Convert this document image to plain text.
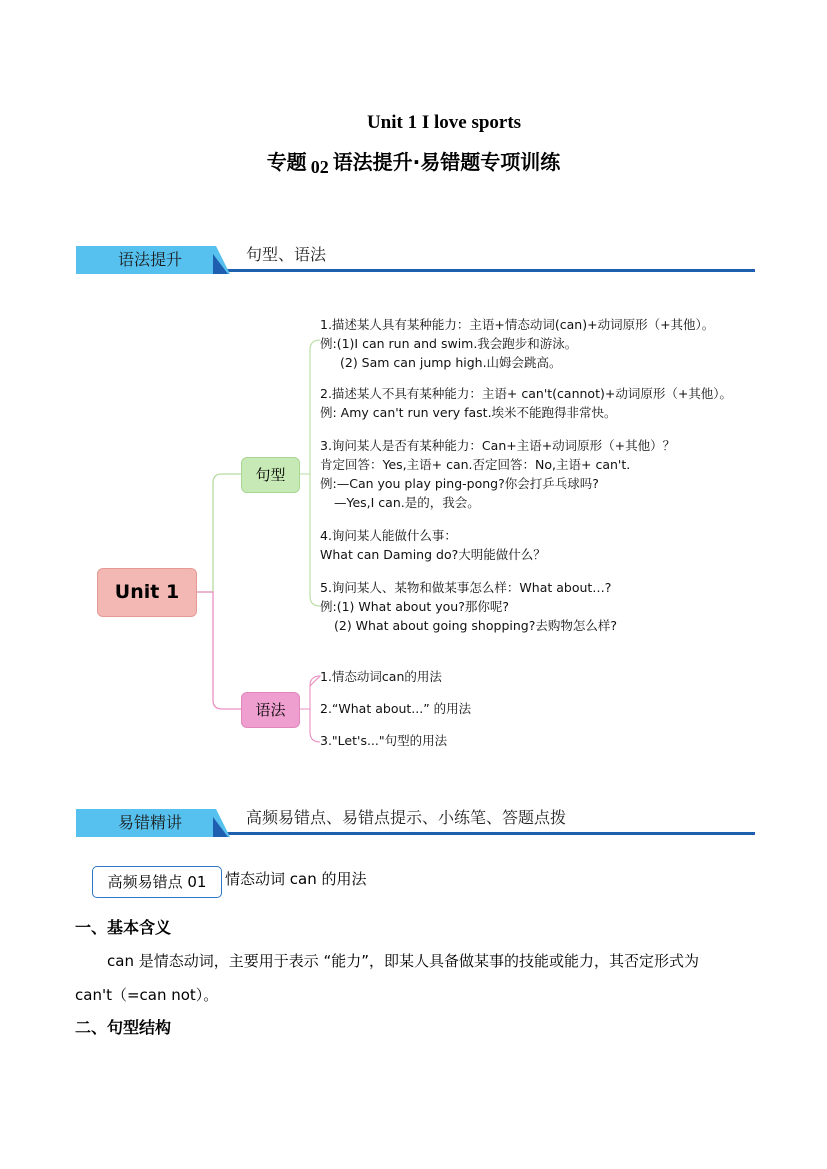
Unit 1 I love sports
专题 02 语法提升·易错题专项训练
语法提升	句型、语法
Unit 1
句型
语法
1.描述某人具有某种能力：主语+情态动词(can)+动词原形（+其他）。
例:(1)I can run and swim.我会跑步和游泳。
(2) Sam can jump high.山姆会跳高。
2.描述某人不具有某种能力：主语+ can't(cannot)+动词原形（+其他）。
例: Amy can't run very fast.埃米不能跑得非常快。
3.询问某人是否有某种能力：Can+主语+动词原形（+其他）？
肯定回答：Yes,主语+ can.否定回答：No,主语+ can't.
例:—Can you play ping-pong?你会打乒乓球吗?
—Yes,I can.是的，我会。
4.询问某人能做什么事：
What can Daming do?大明能做什么？
5.询问某人、某物和做某事怎么样：What about…?
例:(1) What about you?那你呢?
(2) What about going shopping?去购物怎么样?
1.情态动词can的用法
2.“What about...” 的用法
3."Let's..."句型的用法
易错精讲	高频易错点、易错点提示、小练笔、答题点拨
高频易错点 01	情态动词 can 的用法
一、基本含义
can 是情态动词，主要用于表示 “能力”，即某人具备做某事的技能或能力，其否定形式为
can't（=can not）。
二、句型结构
